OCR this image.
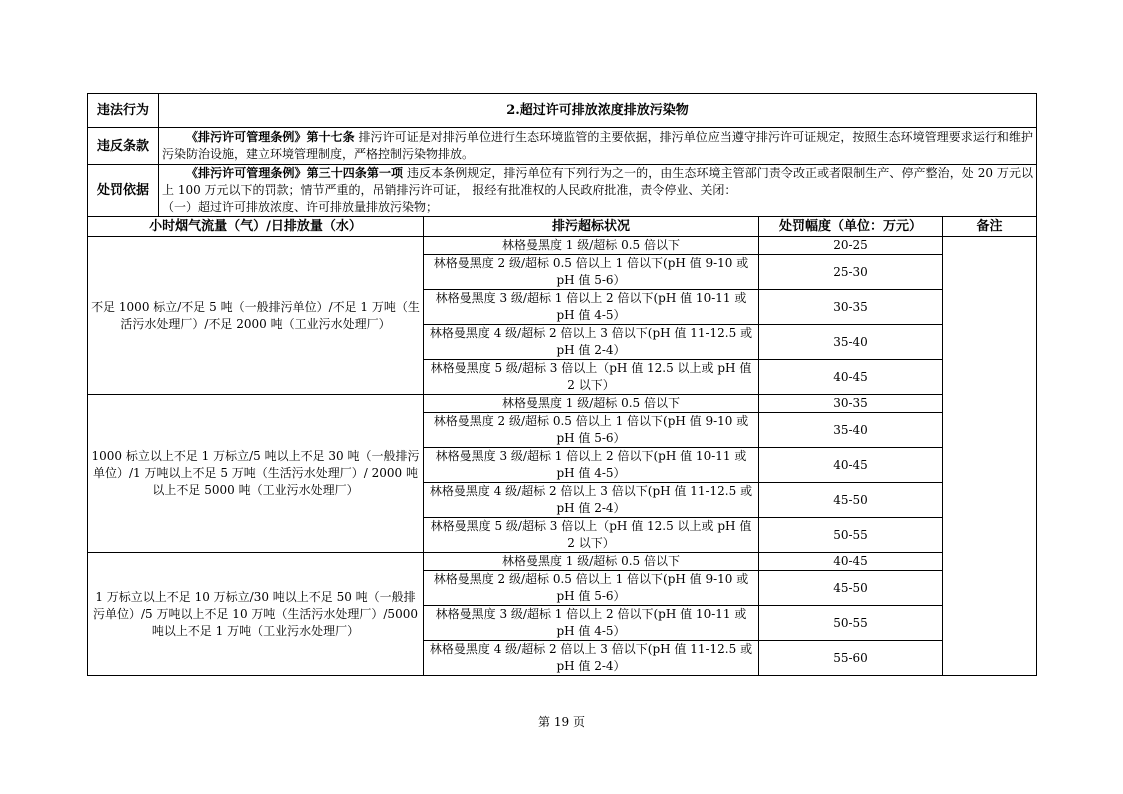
违法行为	2.超过许可排放浓度排放污染物			
违反条款	《排污许可管理条例》第十七条 排污许可证是对排污单位进行生态环境监管的主要依据，排污单位应当遵守排污许可证规定，按照生态环境管理要求运行和维护污染防治设施，建立环境管理制度，严格控制污染物排放。			
处罚依据	《排污许可管理条例》第三十四条第一项 违反本条例规定，排污单位有下列行为之一的，由生态环境主管部门责令改正或者限制生产、停产整治，处 20 万元以上 100 万元以下的罚款；情节严重的，吊销排污许可证， 报经有批准权的人民政府批准，责令停业、关闭：
（一）超过许可排放浓度、许可排放量排放污染物；			
小时烟气流量（气）/日排放量（水）		排污超标状况	处罚幅度（单位：万元）	备注
不足 1000 标立/不足 5 吨（一般排污单位）/不足 1 万吨（生活污水处理厂）/不足 2000 吨（工业污水处理厂）		林格曼黑度 1 级/超标 0.5 倍以下	20-25	
		林格曼黑度 2 级/超标 0.5 倍以上 1 倍以下(pH 值 9-10 或 pH 值 5-6）	25-30	
		林格曼黑度 3 级/超标 1 倍以上 2 倍以下(pH 值 10-11 或 pH 值 4-5）	30-35	
		林格曼黑度 4 级/超标 2 倍以上 3 倍以下(pH 值 11-12.5 或 pH 值 2-4）	35-40	
		林格曼黑度 5 级/超标 3 倍以上（pH 值 12.5 以上或 pH 值 2 以下）	40-45	
1000 标立以上不足 1 万标立/5 吨以上不足 30 吨（一般排污单位）/1 万吨以上不足 5 万吨（生活污水处理厂）/ 2000 吨以上不足 5000 吨（工业污水处理厂）		林格曼黑度 1 级/超标 0.5 倍以下	30-35	
		林格曼黑度 2 级/超标 0.5 倍以上 1 倍以下(pH 值 9-10 或 pH 值 5-6）	35-40	
		林格曼黑度 3 级/超标 1 倍以上 2 倍以下(pH 值 10-11 或 pH 值 4-5）	40-45	
		林格曼黑度 4 级/超标 2 倍以上 3 倍以下(pH 值 11-12.5 或 pH 值 2-4）	45-50	
		林格曼黑度 5 级/超标 3 倍以上（pH 值 12.5 以上或 pH 值 2 以下）	50-55	
1 万标立以上不足 10 万标立/30 吨以上不足 50 吨（一般排污单位）/5 万吨以上不足 10 万吨（生活污水处理厂）/5000 吨以上不足 1 万吨（工业污水处理厂）		林格曼黑度 1 级/超标 0.5 倍以下	40-45	
		林格曼黑度 2 级/超标 0.5 倍以上 1 倍以下(pH 值 9-10 或 pH 值 5-6）	45-50	
		林格曼黑度 3 级/超标 1 倍以上 2 倍以下(pH 值 10-11 或 pH 值 4-5）	50-55	
		林格曼黑度 4 级/超标 2 倍以上 3 倍以下(pH 值 11-12.5 或 pH 值 2-4）	55-60	
第 19 页
